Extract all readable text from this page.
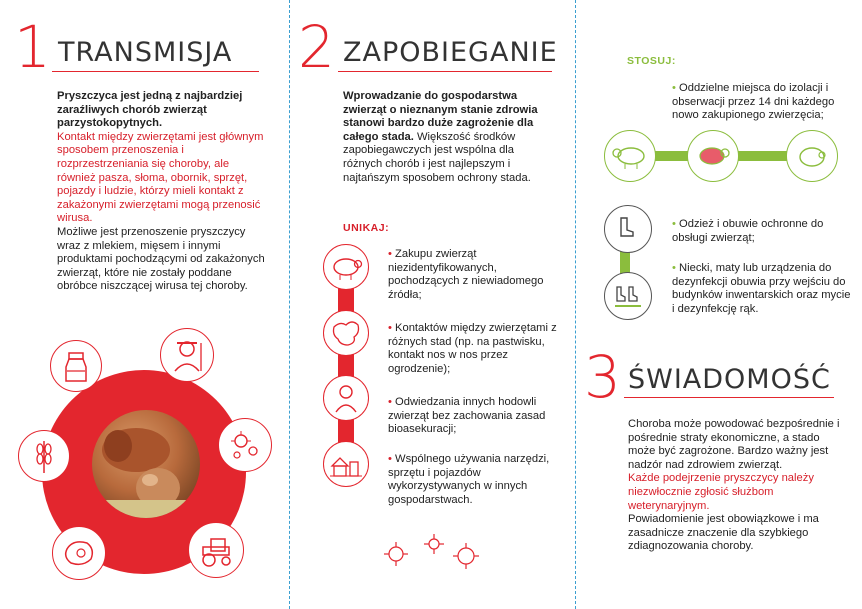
1 TRANSMISJA

Pryszczyca jest jedną z najbardziej zaraźliwych chorób zwierząt parzystokopytnych.

Kontakt między zwierzętami jest głównym sposobem przenoszenia i rozprzestrzeniania się choroby, ale również pasza, słoma, obornik, sprzęt, pojazdy i ludzie, którzy mieli kontakt z zakażonymi zwierzętami mogą przenosić wirusa.

Możliwe jest przenoszenie pryszczycy wraz z mlekiem, mięsem i innymi produktami pochodzącymi od zakażonych zwierząt, które nie zostały poddane obróbce niszczącej wirusa tej choroby.

2 ZAPOBIEGANIE
Wprowadzanie do gospodarstwa zwierząt o nieznanym stanie zdrowia stanowi bardzo duże zagrożenie dla całego stada. Większość środków zapobiegawczych jest wspólna dla różnych chorób i jest najlepszym i najtańszym sposobem ochrony stada.
UNIKAJ:
• Zakupu zwierząt niezidentyfikowanych, pochodzących z niewiadomego źródła;
• Kontaktów między zwierzętami z różnych stad (np. na pastwisku, kontakt nos w nos przez ogrodzenie);
• Odwiedzania innych hodowli zwierząt bez zachowania zasad bioasekuracji;
• Wspólnego używania narzędzi, sprzętu i pojazdów wykorzystywanych w innych gospodarstwach.
STOSUJ:
• Oddzielne miejsca do izolacji i obserwacji przez 14 dni każdego nowo zakupionego zwierzęcia;
• Odzież i obuwie ochronne do obsługi zwierząt;
• Niecki, maty lub urządzenia do dezynfekcji obuwia przy wejściu do budynków inwentarskich oraz mycie i dezynfekcję rąk.
3 ŚWIADOMOŚĆ

Choroba może powodować bezpośrednie i pośrednie straty ekonomiczne, a stado może być zagrożone. Bardzo ważny jest nadzór nad zdrowiem zwierząt.

Każde podejrzenie pryszczycy należy niezwłocznie zgłosić służbom weterynaryjnym.

Powiadomienie jest obowiązkowe i ma zasadnicze znaczenie dla szybkiego zdiagnozowania choroby.
